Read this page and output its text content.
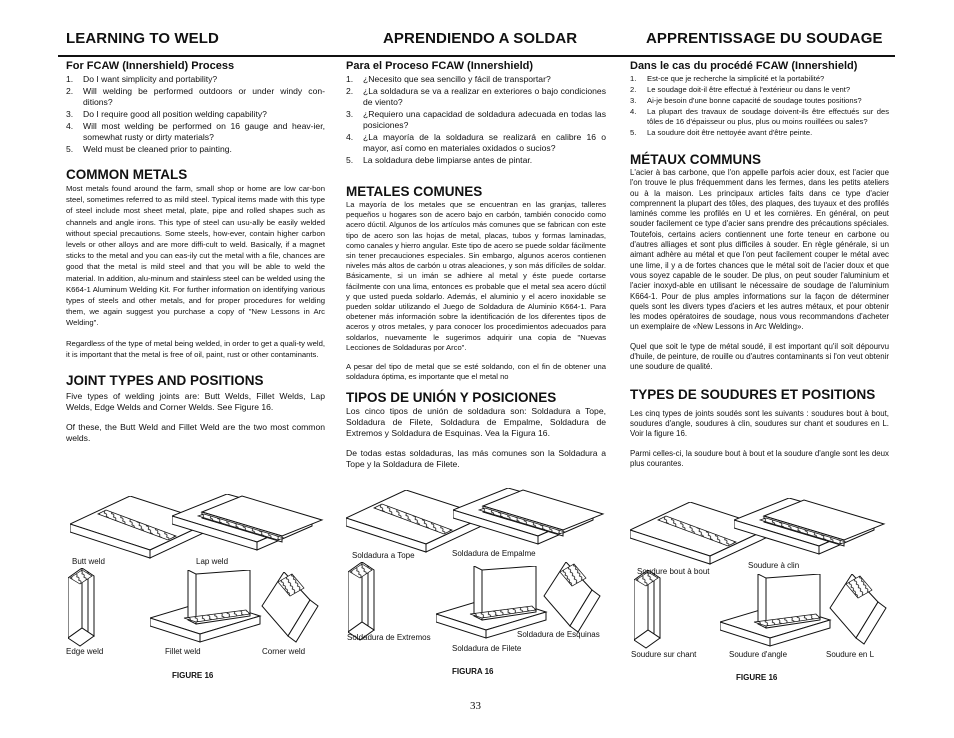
LEARNING TO WELD	APRENDIENDO A SOLDAR	APPRENTISSAGE DU SOUDAGE
For FCAW (Innershield) Process
1.	Do I want simplicity and portability?
2.	Will welding be performed outdoors or under windy con-ditions?
3.	Do I require good all position welding capability?
4.	Will most welding be performed on 16 gauge and heav-ier, somewhat rusty or dirty materials?
5.	Weld must be cleaned prior to painting.
COMMON METALS

Most metals found around the farm, small shop or home are low car-bon steel, sometimes referred to as mild steel. Typical items made with this type of steel include most sheet metal, plate, pipe and rolled shapes such as channels and angle irons. This type of steel can usu-ally be easily welded without special precautions. Some steels, how-ever, contain higher carbon levels or other alloys and are more diffi-cult to weld. Basically, if a magnet sticks to the metal and you can eas-ily cut the metal with a file, chances are good that the metal is mild steel and that you will be able to weld the material. In addition, alu-minum and stainless steel can be welded using the K664-1 Aluminum Welding Kit. For further information on identifying various types of steels and other metals, and for proper procedures for welding them, we again suggest you purchase a copy of "New Lessons in Arc Welding".

Regardless of the type of metal being welded, in order to get a quali-ty weld, it is important that the metal is free of oil, paint, rust or other contaminants.

JOINT TYPES AND POSITIONS

Five types of welding joints are: Butt Welds, Fillet Welds, Lap Welds, Edge Welds and Corner Welds. See Figure 16.

Of these, the Butt Weld and Fillet Weld are the two most common welds.

Para el Proceso FCAW (Innershield)
1.	¿Necesito que sea sencillo y fácil de transportar?
2.	¿La soldadura se va a realizar en exteriores o bajo condiciones de viento?
3.	¿Requiero una capacidad de soldadura adecuada en todas las posiciones?
4.	¿La mayoría de la soldadura se realizará en calibre 16 o mayor, así como en materiales oxidados o sucios?
5.	La soldadura debe limpiarse antes de pintar.
METALES COMUNES

La mayoría de los metales que se encuentran en las granjas, talleres pequeños u hogares son de acero bajo en carbón, también conocido como acero dúctil. Algunos de los artículos más comunes que se fabrican con este tipo de acero son las hojas de metal, placas, tubos y formas laminadas, como canales y hierro angular. Este tipo de acero se puede soldar fácilmente sin tener precauciones especiales. Sin embargo, algunos aceros contienen niveles más altos de carbón u otras aleaciones, y son más difíciles de soldar. Básicamente, si un imán se adhiere al metal y éste puede cortarse fácilmente con una lima, entonces es probable que el metal sea acero dúctil y que usted pueda soldarlo. Además, el aluminio y el acero inoxidable se pueden soldar utilizando el Juego de Soldadura de Aluminio K664-1. Para obetener más información sobre la identificación de los diferentes tipos de aceros y otros metales, y para conocer los procedimientos adecuados para soldarlos, nuevamente le sugerimos adquirir una copia de "Nuevas Lecciones de Soldaduras por Arco".

A pesar del tipo de metal que se esté soldando, con el fin de obtener una soldadura óptima, es importante que el metal no

TIPOS DE UNIÓN Y POSICIONES

Los cinco tipos de unión de soldadura son: Soldadura a Tope, Soldadura de Filete, Soldadura de Empalme, Soldadura de Extremos y Soldadura de Esquinas. Vea la Figura 16.

De todas estas soldaduras, las más comunes son la Soldadura a Tope y la Soldadura de Filete.

Dans le cas du procédé FCAW (Innershield)
1.	Est-ce que je recherche la simplicité et la portabilité?
2.	Le soudage doit-il être effectué à l'extérieur ou dans le vent?
3.	Ai-je besoin d'une bonne capacité de soudage toutes positions?
4.	La plupart des travaux de soudage doivent-ils être effectués sur des tôles de 16 d'épaisseur ou plus, plus ou moins rouillées ou sales?
5.	La soudure doit être nettoyée avant d'être peinte.
MÉTAUX COMMUNS

L'acier à bas carbone, que l'on appelle parfois acier doux, est l'acier que l'on trouve le plus fréquemment dans les fermes, dans les petits ateliers ou à la maison. Les principaux articles faits dans ce type d'acier comprennent la plupart des tôles, des plaques, des tuyaux et des profilés laminés comme les profilés en U et les cornières. En général, on peut souder facilement ce type d'acier sans prendre des précautions spéciales. Toutefois, certains aciers contiennent une forte teneur en carbone ou d'autres alliages et sont plus difficiles à souder. En règle générale, si un aimant adhère au métal et que l'on peut facilement couper le métal avec une lime, il y a de fortes chances que le métal soit de l'acier doux et que vous soyez capable de le souder. De plus, on peut souder l'aluminium et l'acier inoxyd-able en utilisant le nécessaire de soudage de l'aluminium K664-1. Pour de plus amples informations sur la façon de déterminer quels sont les divers types d'aciers et les autres métaux, et pour obtenir les modes opératoires de soudage, nous vous recommandons d'acheter un exemplaire de «New Lessons in Arc Welding».

Quel que soit le type de métal soudé, il est important qu'il soit dépourvu d'huile, de peinture, de rouille ou d'autres contaminants si l'on veut obtenir une soudure de qualité.

TYPES DE SOUDURES ET POSITIONS

Les cinq types de joints soudés sont les suivants : soudures bout à bout, soudures d'angle, soudures à clin, soudures sur chant et soudures en L. Voir la figure 16.

Parmi celles-ci, la soudure bout à bout et la soudure d'angle sont les deux plus courantes.

Butt weld	Lap weld
Edge weld	Fillet weld	Corner weld
FIGURE 16
Soldadura a Tope	Soldadura de Empalme
Soldadura de Extremos
Soldadura de Filete
Soldadura de Esquinas
FIGURA 16
Soudure bout à bout
Soudure à clin
Soudure sur chant	Soudure d'angle	Soudure en L
FIGURE 16
33
